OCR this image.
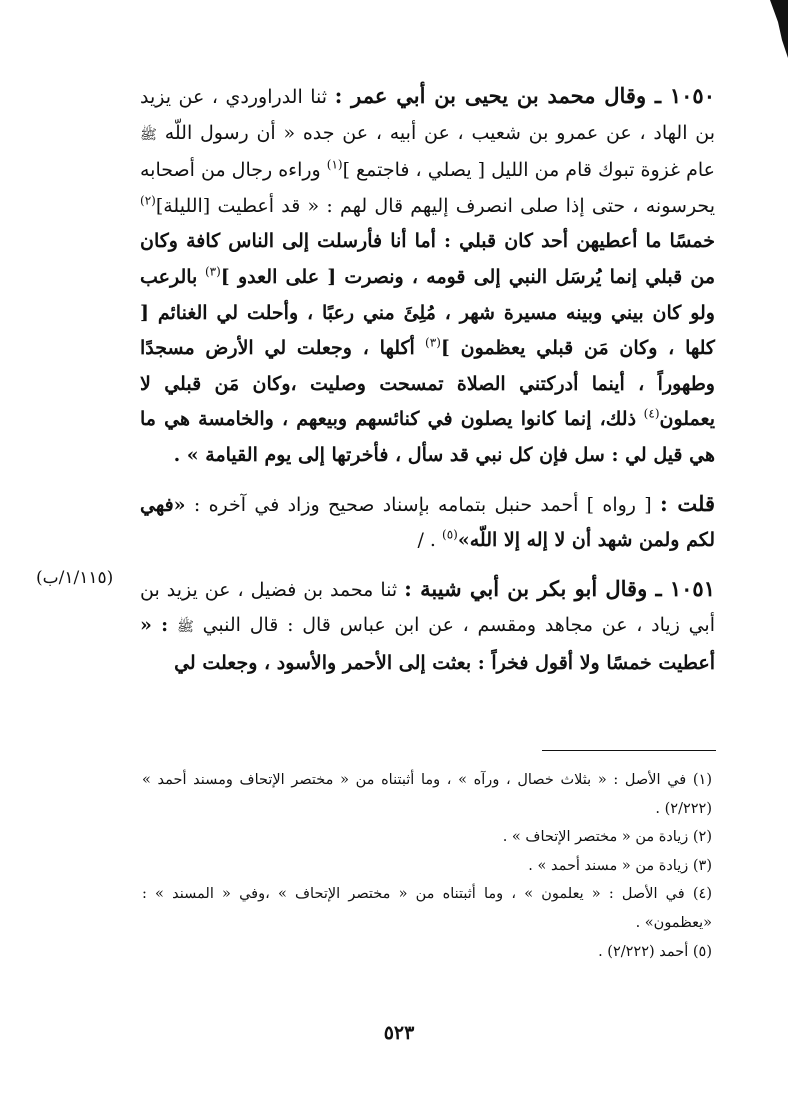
١٠٥٠ ـ وقال محمد بن يحيى بن أبي عمر : ثنا الدراوردي ، عن يزيد بن الهاد ، عن عمرو بن شعيب ، عن أبيه ، عن جده « أن رسول اللّه ﷺ عام غزوة تبوك قام من الليل [ يصلي ، فاجتمع ]$^{(١)}$ وراءه رجال من أصحابه يحرسونه ، حتى إذا صلى انصرف إليهم قال لهم : « قد أعطيت [الليلة]$^{(٢)}$ خمسًا ما أعطيهن أحد كان قبلي : أما أنا فأرسلت إلى الناس كافة وكان من قبلي إنما يُرسَل النبي إلى قومه ، ونصرت [ على العدو ]$^{(٣)}$ بالرعب ولو كان بيني وبينه مسيرة شهر ، مُلِئَ مني رعبًا ، وأحلت لي الغنائم [ كلها ، وكان مَن قبلي يعظمون ]$^{(٣)}$ أكلها ، وجعلت لي الأرض مسجدًا وطهوراً ، أينما أدركتني الصلاة تمسحت وصليت ،وكان مَن قبلي لا يعملون$^{(٤)}$ ذلك، إنما كانوا يصلون في كنائسهم وبيعهم ، والخامسة هي ما هي قيل لي : سل فإن كل نبي قد سأل ، فأخرتها إلى يوم القيامة » .

قلت : [ رواه ] أحمد حنبل بتمامه بإسناد صحيح وزاد في آخره : «فهي لكم ولمن شهد أن لا إله إلا اللّه»$^{(٥)}$ . /

١٠٥١ ـ وقال أبو بكر بن أبي شيبة : ثنا محمد بن فضيل ، عن يزيد بن أبي زياد ، عن مجاهد ومقسم ، عن ابن عباس قال : قال النبي ﷺ : « أعطيت خمسًا ولا أقول فخراً : بعثت إلى الأحمر والأسود ، وجعلت لي

(١/١١٥/ب)

(١) في الأصل : « بثلاث خصال ، ورآه » ، وما أثبتناه من « مختصر الإتحاف ومسند أحمد » (٢/٢٢٢) .

(٢) زيادة من « مختصر الإتحاف » .

(٣) زيادة من « مسند أحمد » .

(٤) في الأصل : « يعلمون » ، وما أثبتناه من « مختصر الإتحاف » ،وفي « المسند » : «يعظمون» .

(٥) أحمد (٢/٢٢٢) .

٥٢٣
